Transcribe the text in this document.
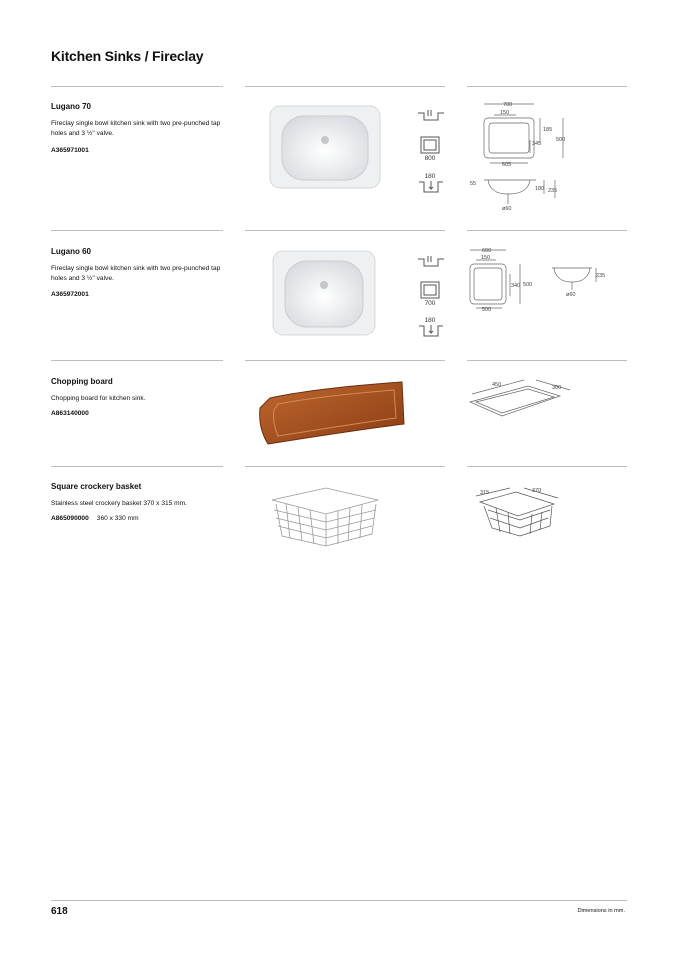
Kitchen Sinks / Fireclay
Lugano 70
Fireclay single bowl kitchen sink with two pre-punched tap holes and 3 ½" valve.
A365971001
800
180
700
150
185
500
345
605
55
180 235
ø60
Lugano 60
Fireclay single bowl kitchen sink with two pre-punched tap holes and 3 ½" valve.
A365972001
700
180
600
150
340 500
500
235
ø60
Chopping board
Chopping board for kitchen sink.
A863140000
450	300
Square crockery basket
Stainless steel crockery basket 370 x 315 mm.
A865090000 360 x 330 mm
315	370
618	Dimensions in mm.
